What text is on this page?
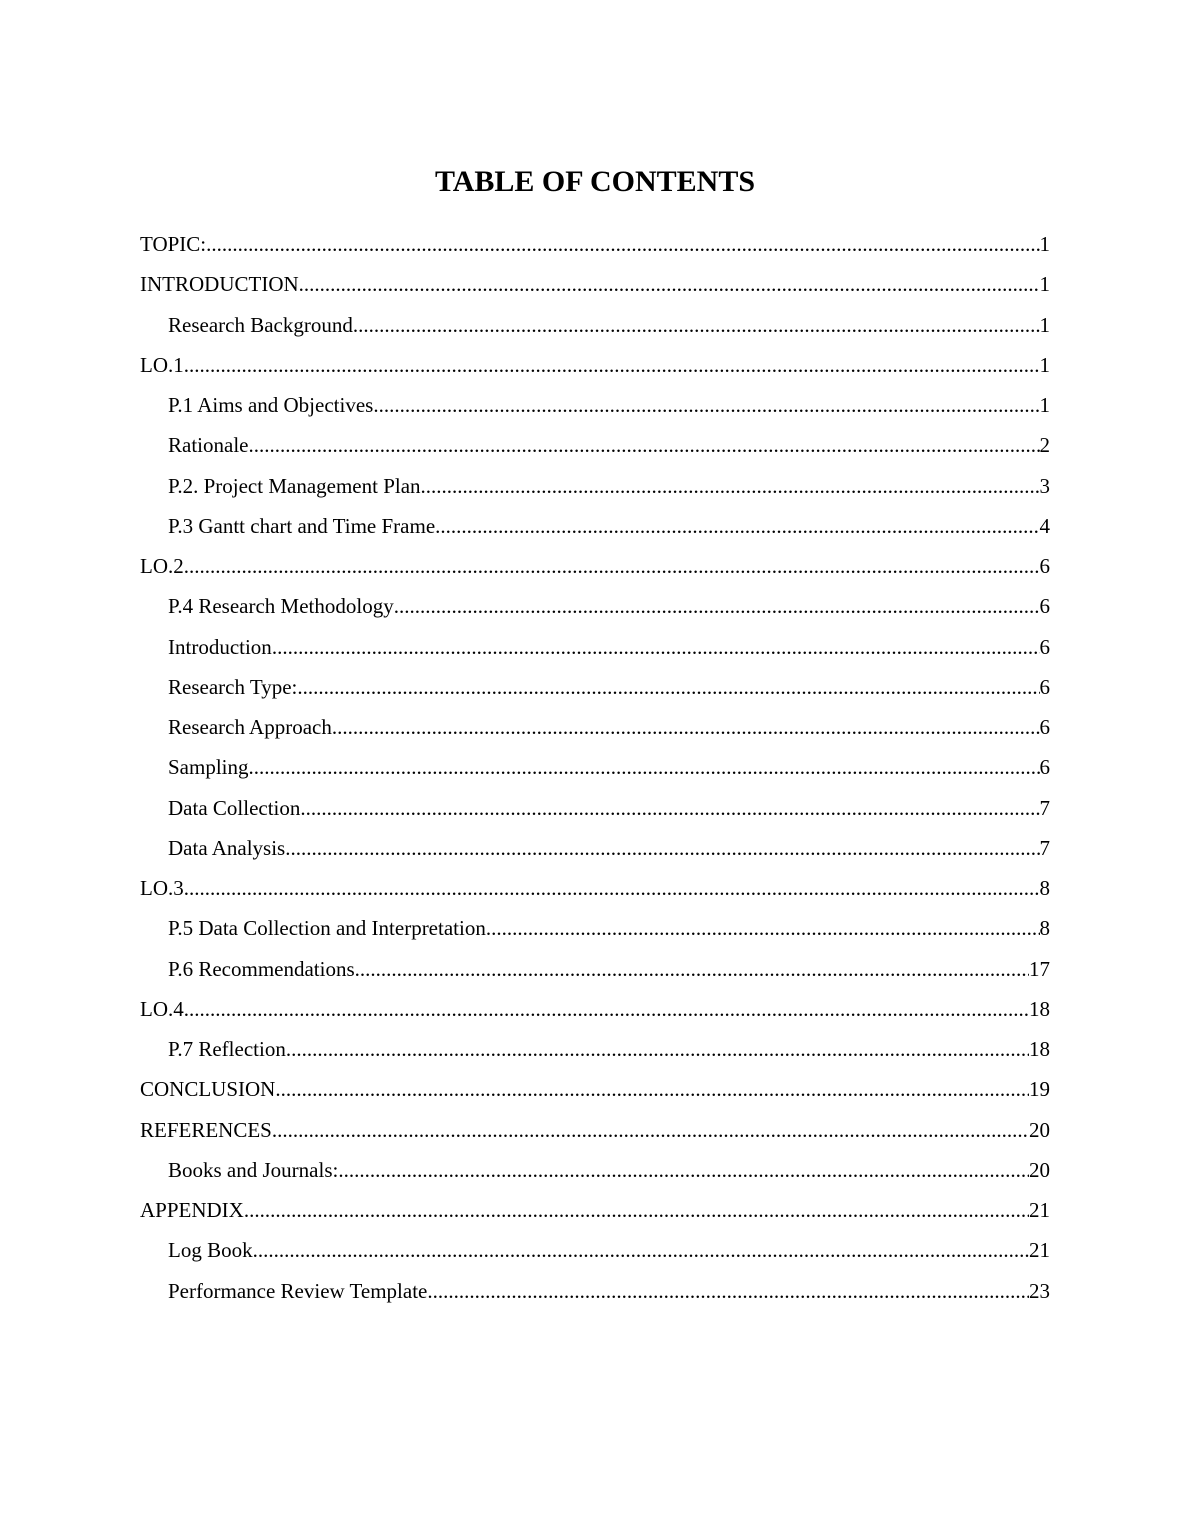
TABLE OF CONTENTS
TOPIC: .....	1
INTRODUCTION .....	1
Research Background .....	1
LO.1 .....	1
P.1 Aims and Objectives .....	1
Rationale .....	2
P.2. Project Management Plan .....	3
P.3 Gantt chart and Time Frame .....	4
LO.2 .....	6
P.4 Research Methodology .....	6
Introduction .....	6
Research Type: .....	6
Research Approach .....	6
Sampling .....	6
Data Collection .....	7
Data Analysis .....	7
LO.3 .....	8
P.5 Data Collection and Interpretation .....	8
P.6 Recommendations .....	17
LO.4 .....	18
P.7 Reflection .....	18
CONCLUSION .....	19
REFERENCES .....	20
Books and Journals: .....	20
APPENDIX .....	21
Log Book .....	21
Performance Review Template .....	23
